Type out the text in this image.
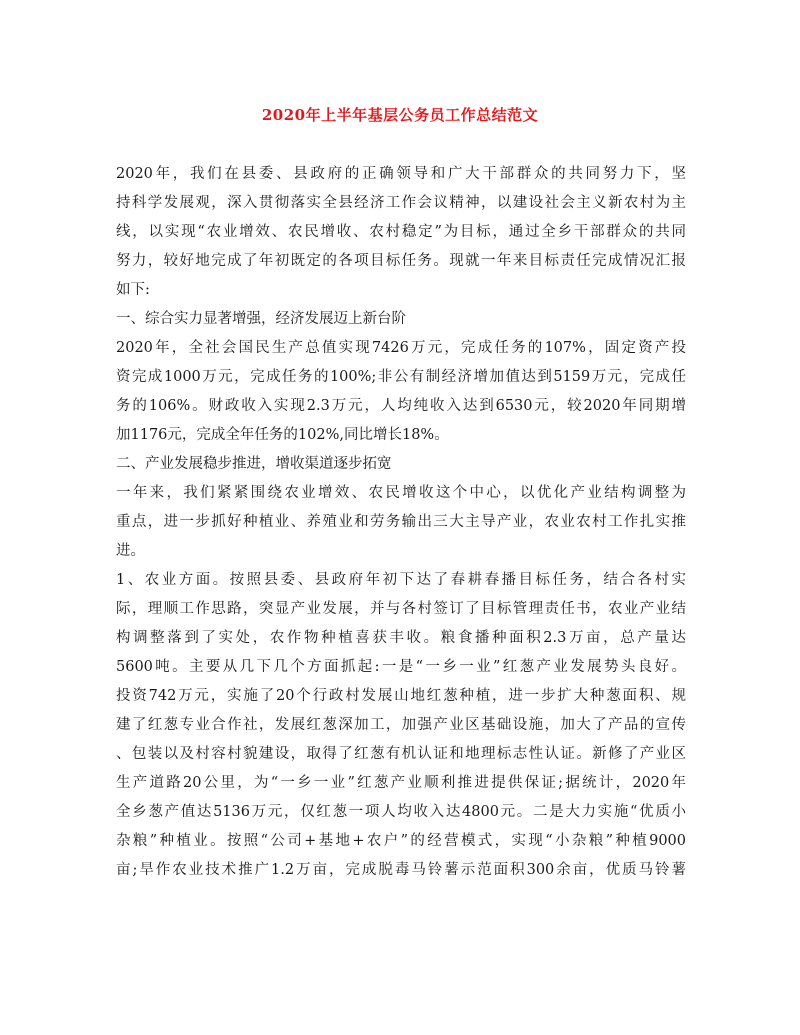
2020年上半年基层公务员工作总结范文
2020年，我们在县委、县政府的正确领导和广大干部群众的共同努力下，坚
持科学发展观，深入贯彻落实全县经济工作会议精神，以建设社会主义新农村为主
线，以实现“农业增效、农民增收、农村稳定”为目标，通过全乡干部群众的共同
努力，较好地完成了年初既定的各项目标任务。现就一年来目标责任完成情况汇报
如下:
一、综合实力显著增强，经济发展迈上新台阶
2020年，全社会国民生产总值实现7426万元，完成任务的107%，固定资产投
资完成1000万元，完成任务的100%;非公有制经济增加值达到5159万元，完成任
务的106%。财政收入实现2.3万元，人均纯收入达到6530元，较2020年同期增
加1176元，完成全年任务的102%,同比增长18%。
二、产业发展稳步推进，增收渠道逐步拓宽
一年来，我们紧紧围绕农业增效、农民增收这个中心，以优化产业结构调整为
重点，进一步抓好种植业、养殖业和劳务输出三大主导产业，农业农村工作扎实推
进。
1、农业方面。按照县委、县政府年初下达了春耕春播目标任务，结合各村实
际，理顺工作思路，突显产业发展，并与各村签订了目标管理责任书，农业产业结
构调整落到了实处，农作物种植喜获丰收。粮食播种面积2.3万亩，总产量达
5600吨。主要从几下几个方面抓起:一是“一乡一业”红葱产业发展势头良好。
投资742万元，实施了20个行政村发展山地红葱种植，进一步扩大种葱面积、规
建了红葱专业合作社，发展红葱深加工，加强产业区基础设施，加大了产品的宣传
、包装以及村容村貌建设，取得了红葱有机认证和地理标志性认证。新修了产业区
生产道路20公里，为“一乡一业”红葱产业顺利推进提供保证;据统计，2020年
全乡葱产值达5136万元，仅红葱一项人均收入达4800元。二是大力实施“优质小
杂粮”种植业。按照“公司+基地+农户”的经营模式，实现“小杂粮”种植9000
亩;旱作农业技术推广1.2万亩，完成脱毒马铃薯示范面积300余亩，优质马铃薯
